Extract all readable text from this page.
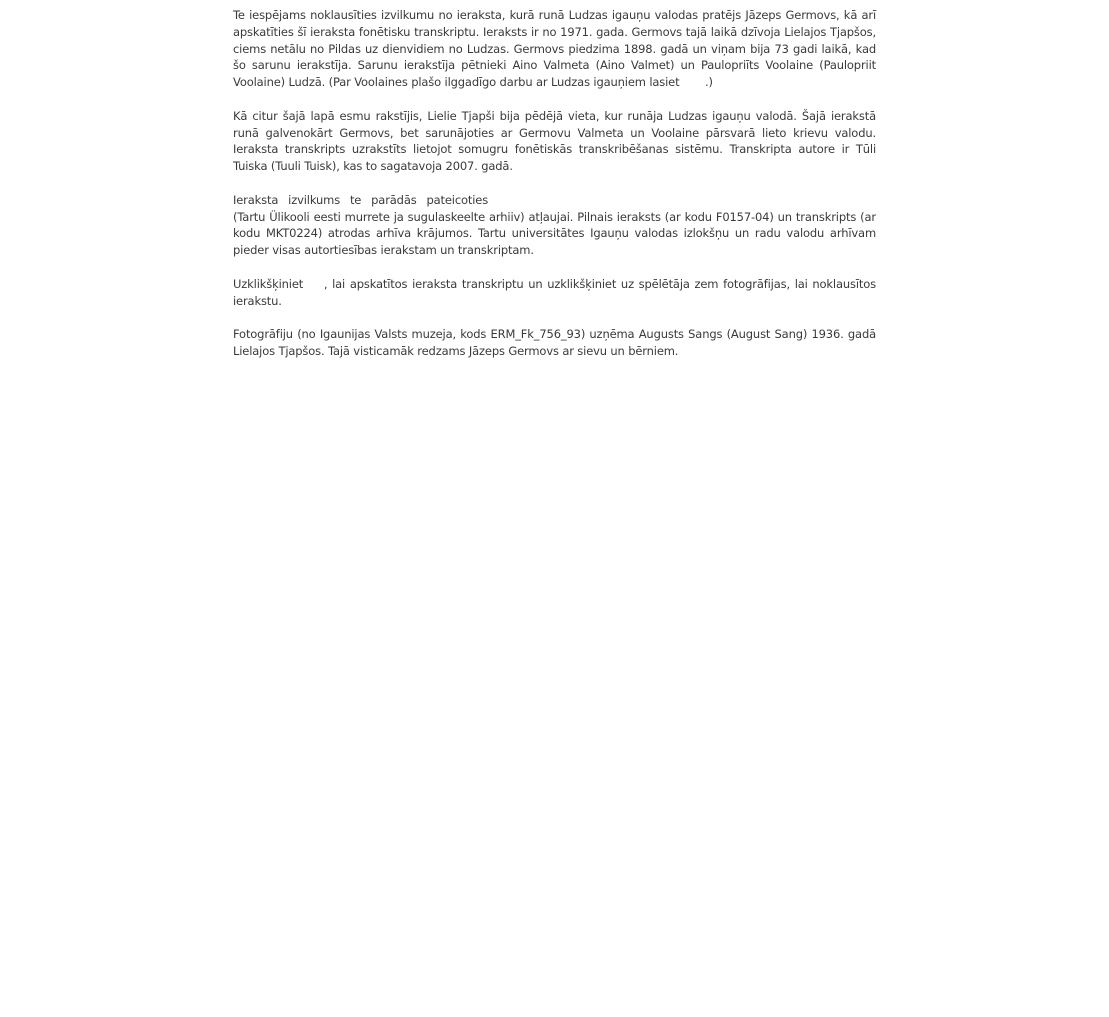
Te iespējams noklausīties izvilkumu no ieraksta, kurā runā Ludzas igauņu valodas pratējs Jāzeps Germovs, kā arī apskatīties šī ieraksta fonētisku transkriptu. Ieraksts ir no 1971. gada. Germovs tajā laikā dzīvoja Lielajos Tjapšos, ciems netālu no Pildas uz dienvidiem no Ludzas. Germovs piedzima 1898. gadā un viņam bija 73 gadi laikā, kad šo sarunu ierakstīja. Sarunu ierakstīja pētnieki Aino Valmeta (Aino Valmet) un Paulopriīts Voolaine (Paulopriit Voolaine) Ludzā. (Par Voolaines plašo ilggadīgo darbu ar Ludzas igauņiem lasiet .)

Kā citur šajā lapā esmu rakstījis, Lielie Tjapši bija pēdējā vieta, kur runāja Ludzas igauņu valodā. Šajā ierakstā runā galvenokārt Germovs, bet sarunājoties ar Germovu Valmeta un Voolaine pārsvarā lieto krievu valodu. Ieraksta transkripts uzrakstīts lietojot somugru fonētiskās transkribēšanas sistēmu. Transkripta autore ir Tūli Tuiska (Tuuli Tuisk), kas to sagatavoja 2007. gadā.

Ieraksta izvilkums te parādās pateicoties  (Tartu Ülikooli eesti murrete ja sugulaskeelte arhiiv) atļaujai. Pilnais ieraksts (ar kodu F0157-04) un transkripts (ar kodu MKT0224) atrodas arhīva krājumos. Tartu universitātes Igauņu valodas izlokšņu un radu valodu arhīvam pieder visas autortiesības ierakstam un transkriptam.

Uzklikšķiniet , lai apskatītos ieraksta transkriptu un uzklikšķiniet uz spēlētāja zem fotogrāfijas, lai noklausītos ierakstu.

Fotogrāfiju (no Igaunijas Valsts muzeja, kods ERM_Fk_756_93) uzņēma Augusts Sangs (August Sang) 1936. gadā Lielajos Tjapšos. Tajā visticamāk redzams Jāzeps Germovs ar sievu un bērniem.
